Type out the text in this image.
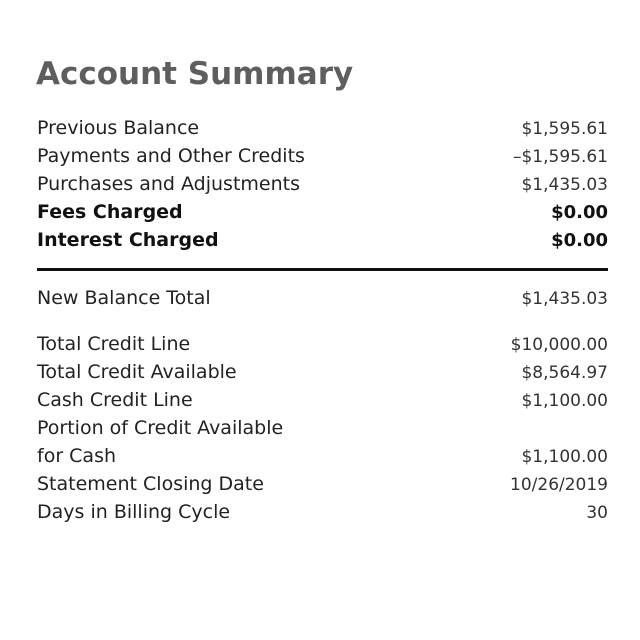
Account Summary
Previous Balance	$1,595.61
Payments and Other Credits	–$1,595.61
Purchases and Adjustments	$1,435.03
Fees Charged	$0.00
Interest Charged	$0.00
New Balance Total	$1,435.03
Total Credit Line	$10,000.00
Total Credit Available	$8,564.97
Cash Credit Line	$1,100.00
Portion of Credit Available
for Cash	$1,100.00
Statement Closing Date	10/26/2019
Days in Billing Cycle	30
